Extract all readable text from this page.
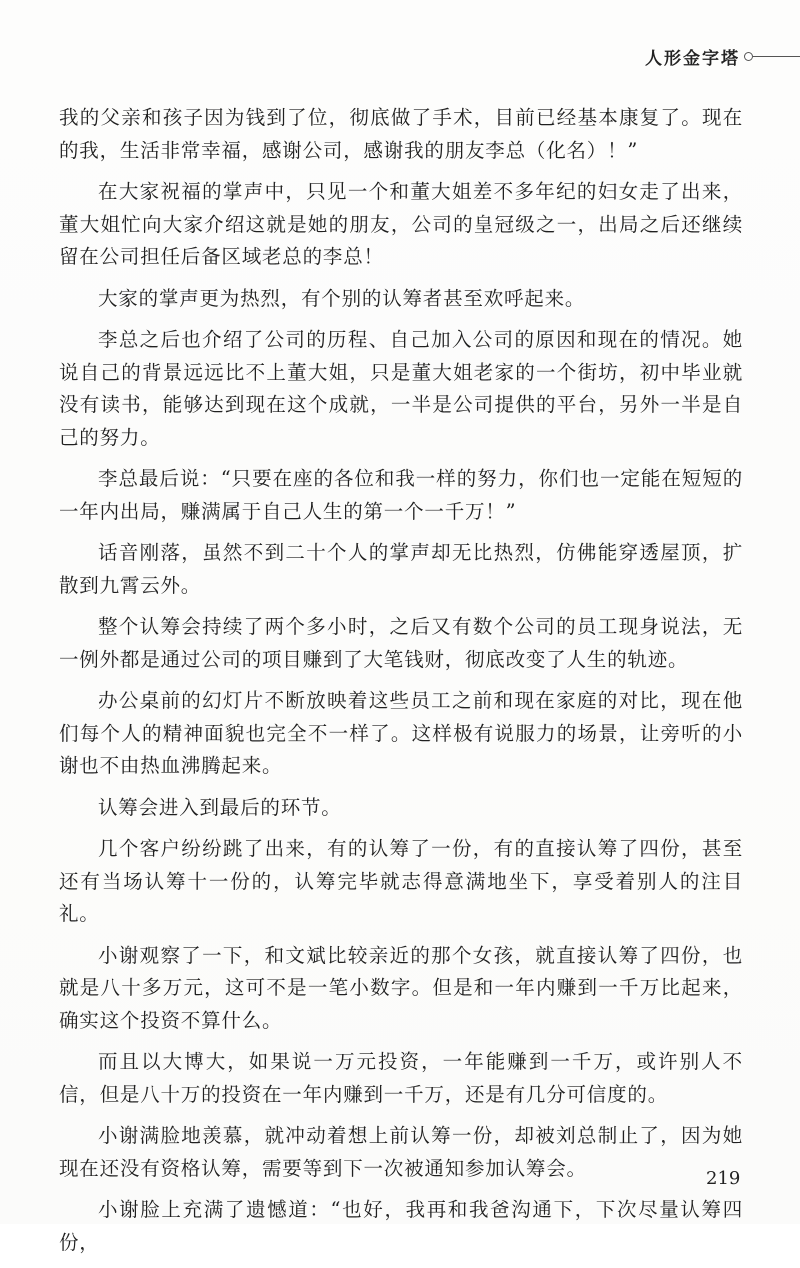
人形金字塔

我的父亲和孩子因为钱到了位，彻底做了手术，目前已经基本康复了。现在的我，生活非常幸福，感谢公司，感谢我的朋友李总（化名）！”

在大家祝福的掌声中，只见一个和董大姐差不多年纪的妇女走了出来，董大姐忙向大家介绍这就是她的朋友，公司的皇冠级之一，出局之后还继续留在公司担任后备区域老总的李总！

大家的掌声更为热烈，有个别的认筹者甚至欢呼起来。

李总之后也介绍了公司的历程、自己加入公司的原因和现在的情况。她说自己的背景远远比不上董大姐，只是董大姐老家的一个街坊，初中毕业就没有读书，能够达到现在这个成就，一半是公司提供的平台，另外一半是自己的努力。

李总最后说：“只要在座的各位和我一样的努力，你们也一定能在短短的一年内出局，赚满属于自己人生的第一个一千万！”

话音刚落，虽然不到二十个人的掌声却无比热烈，仿佛能穿透屋顶，扩散到九霄云外。

整个认筹会持续了两个多小时，之后又有数个公司的员工现身说法，无一例外都是通过公司的项目赚到了大笔钱财，彻底改变了人生的轨迹。

办公桌前的幻灯片不断放映着这些员工之前和现在家庭的对比，现在他们每个人的精神面貌也完全不一样了。这样极有说服力的场景，让旁听的小谢也不由热血沸腾起来。

认筹会进入到最后的环节。

几个客户纷纷跳了出来，有的认筹了一份，有的直接认筹了四份，甚至还有当场认筹十一份的，认筹完毕就志得意满地坐下，享受着别人的注目礼。

小谢观察了一下，和文斌比较亲近的那个女孩，就直接认筹了四份，也就是八十多万元，这可不是一笔小数字。但是和一年内赚到一千万比起来，确实这个投资不算什么。

而且以大博大，如果说一万元投资，一年能赚到一千万，或许别人不信，但是八十万的投资在一年内赚到一千万，还是有几分可信度的。

小谢满脸地羡慕，就冲动着想上前认筹一份，却被刘总制止了，因为她现在还没有资格认筹，需要等到下一次被通知参加认筹会。

小谢脸上充满了遗憾道：“也好，我再和我爸沟通下，下次尽量认筹四份，

219
